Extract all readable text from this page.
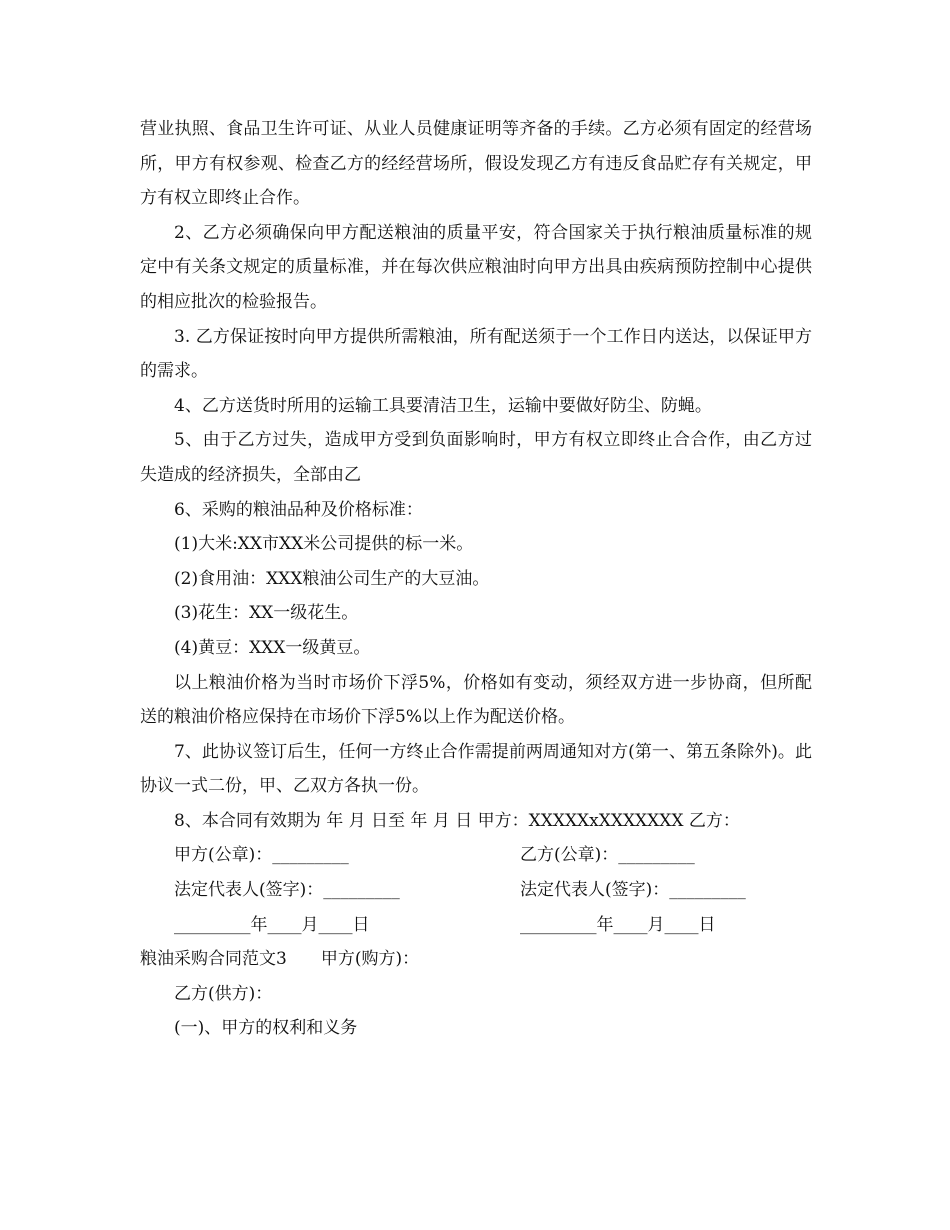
营业执照、食品卫生许可证、从业人员健康证明等齐备的手续。乙方必须有固定的经营场所，甲方有权参观、检查乙方的经经营场所，假设发现乙方有违反食品贮存有关规定，甲方有权立即终止合作。

2、乙方必须确保向甲方配送粮油的质量平安，符合国家关于执行粮油质量标准的规定中有关条文规定的质量标准，并在每次供应粮油时向甲方出具由疾病预防控制中心提供的相应批次的检验报告。

3. 乙方保证按时向甲方提供所需粮油，所有配送须于一个工作日内送达，以保证甲方的需求。

4、乙方送货时所用的运输工具要清洁卫生，运输中要做好防尘、防蝇。

5、由于乙方过失，造成甲方受到负面影响时，甲方有权立即终止合合作，由乙方过失造成的经济损失，全部由乙

6、采购的粮油品种及价格标准：

(1)大米:XX市XX米公司提供的标一米。

(2)食用油：XXX粮油公司生产的大豆油。

(3)花生：XX一级花生。

(4)黄豆：XXX一级黄豆。

以上粮油价格为当时市场价下浮5%，价格如有变动，须经双方进一步协商，但所配送的粮油价格应保持在市场价下浮5%以上作为配送价格。

7、此协议签订后生，任何一方终止合作需提前两周通知对方(第一、第五条除外)。此协议一式二份，甲、乙双方各执一份。

8、本合同有效期为 年 月 日至 年 月 日 甲方：XXXXXxXXXXXXX 乙方：

甲方(公章)：_________	乙方(公章)：_________
法定代表人(签字)：_________	法定代表人(签字)：_________
_________年____月____日	_________年____月____日

粮油采购合同范文3 甲方(购方)：

乙方(供方)：

(一)、甲方的权利和义务
